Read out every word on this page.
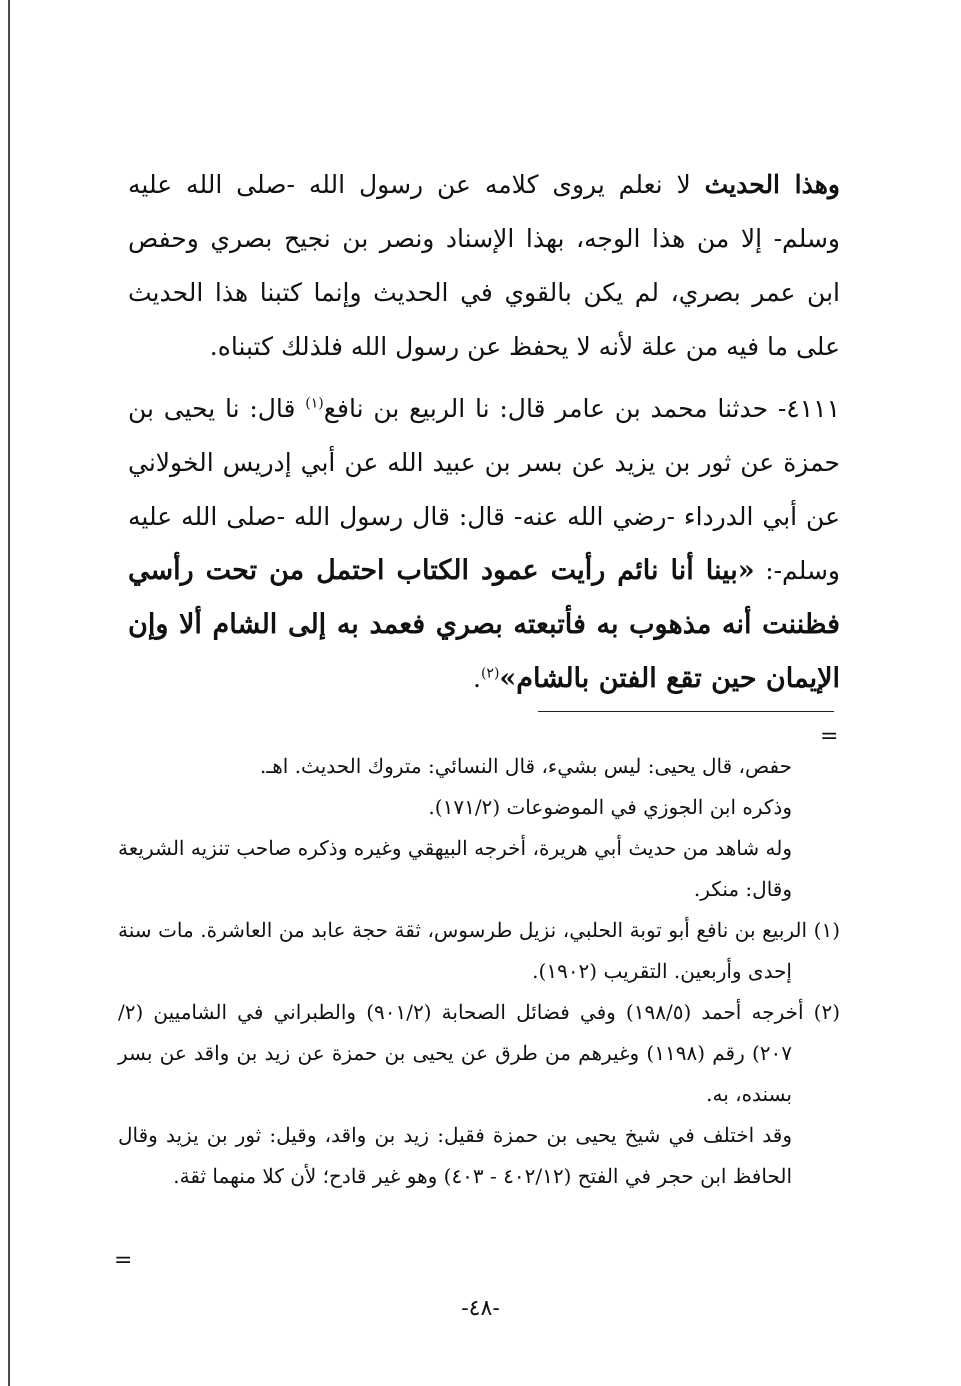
وهذا الحديث لا نعلم يروى كلامه عن رسول الله -صلى الله عليه وسلم- إلا من هذا الوجه، بهذا الإسناد ونصر بن نجيح بصري وحفص ابن عمر بصري، لم يكن بالقوي في الحديث وإنما كتبنا هذا الحديث على ما فيه من علة لأنه لا يحفظ عن رسول الله فلذلك كتبناه.

٤١١١- حدثنا محمد بن عامر قال: نا الربيع بن نافع$^{(١)}$ قال: نا يحيى بن حمزة عن ثور بن يزيد عن بسر بن عبيد الله عن أبي إدريس الخولاني عن أبي الدرداء -رضي الله عنه- قال: قال رسول الله -صلى الله عليه وسلم-: «بينا أنا نائم رأيت عمود الكتاب احتمل من تحت رأسي فظننت أنه مذهوب به فأتبعته بصري فعمد به إلى الشام ألا وإن الإيمان حين تقع الفتن بالشام»$^{(٢)}$.

=

حفص، قال يحيى: ليس بشيء، قال النسائي: متروك الحديث. اهـ.

وذكره ابن الجوزي في الموضوعات (١٧١/٢).

وله شاهد من حديث أبي هريرة، أخرجه البيهقي وغيره وذكره صاحب تنزيه الشريعة وقال: منكر.

(١) الربيع بن نافع أبو توبة الحلبي، نزيل طرسوس، ثقة حجة عابد من العاشرة. مات سنة إحدى وأربعين. التقريب (١٩٠٢).

(٢) أخرجه أحمد (١٩٨/٥) وفي فضائل الصحابة (٩٠١/٢) والطبراني في الشاميين (٢/ ٢٠٧) رقم (١١٩٨) وغيرهم من طرق عن يحيى بن حمزة عن زيد بن واقد عن بسر بسنده، به.

وقد اختلف في شيخ يحيى بن حمزة فقيل: زيد بن واقد، وقيل: ثور بن يزيد وقال الحافظ ابن حجر في الفتح (٤٠٢/١٢ - ٤٠٣) وهو غير قادح؛ لأن كلا منهما ثقة.

=
-٤٨-
